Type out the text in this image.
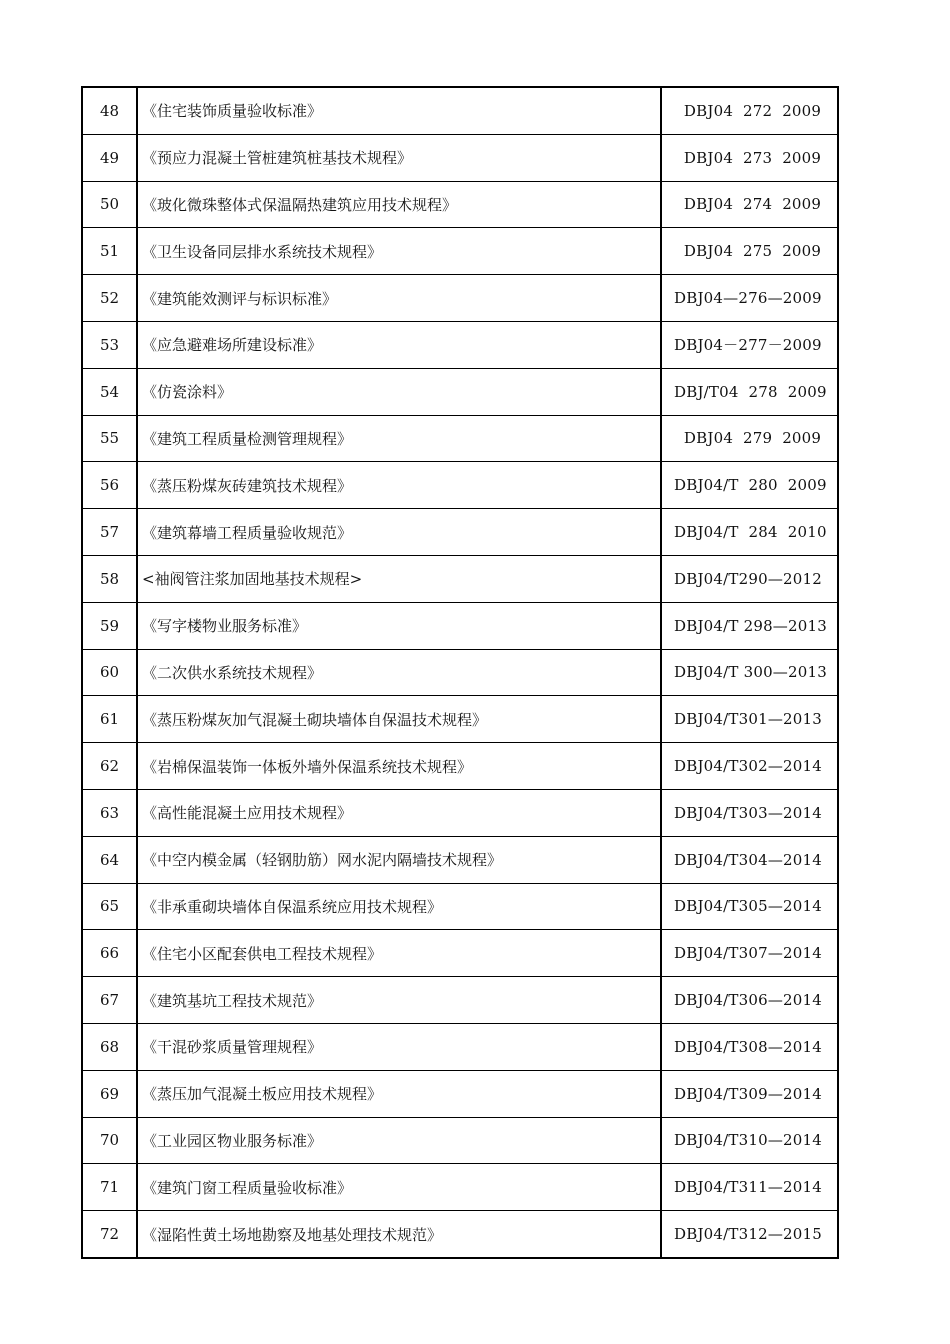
48	《住宅装饰质量验收标准》	DBJ04  272  2009
49	《预应力混凝土管桩建筑桩基技术规程》	DBJ04  273  2009
50	《玻化微珠整体式保温隔热建筑应用技术规程》	DBJ04  274  2009
51	《卫生设备同层排水系统技术规程》	DBJ04  275  2009
52	《建筑能效测评与标识标准》	DBJ04—276—2009
53	《应急避难场所建设标准》	DBJ04－277－2009
54	《仿瓷涂料》	DBJ/T04  278  2009
55	《建筑工程质量检测管理规程》	DBJ04  279  2009
56	《蒸压粉煤灰砖建筑技术规程》	DBJ04/T  280  2009
57	《建筑幕墙工程质量验收规范》	DBJ04/T  284  2010
58	<袖阀管注浆加固地基技术规程>	DBJ04/T290—2012
59	《写字楼物业服务标准》	DBJ04/T 298—2013
60	《二次供水系统技术规程》	DBJ04/T 300—2013
61	《蒸压粉煤灰加气混凝土砌块墙体自保温技术规程》	DBJ04/T301—2013
62	《岩棉保温装饰一体板外墙外保温系统技术规程》	DBJ04/T302—2014
63	《高性能混凝土应用技术规程》	DBJ04/T303—2014
64	《中空内模金属（轻钢肋筋）网水泥内隔墙技术规程》	DBJ04/T304—2014
65	《非承重砌块墙体自保温系统应用技术规程》	DBJ04/T305—2014
66	《住宅小区配套供电工程技术规程》	DBJ04/T307—2014
67	《建筑基坑工程技术规范》	DBJ04/T306—2014
68	《干混砂浆质量管理规程》	DBJ04/T308—2014
69	《蒸压加气混凝土板应用技术规程》	DBJ04/T309—2014
70	《工业园区物业服务标准》	DBJ04/T310—2014
71	《建筑门窗工程质量验收标准》	DBJ04/T311—2014
72	《湿陷性黄土场地勘察及地基处理技术规范》	DBJ04/T312—2015
